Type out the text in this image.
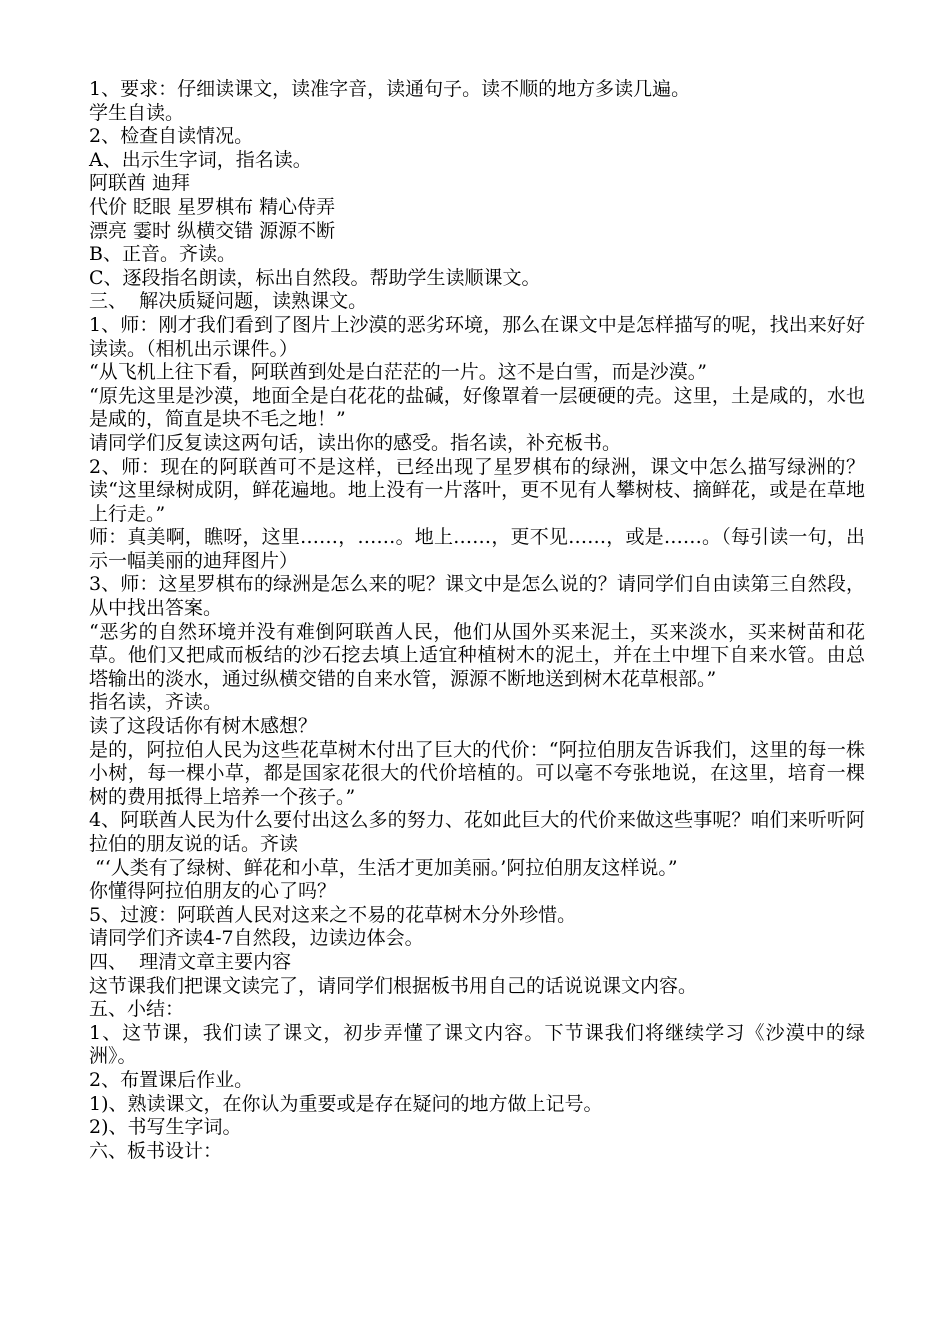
1、要求：仔细读课文，读准字音，读通句子。读不顺的地方多读几遍。

学生自读。

2、检查自读情况。

A、出示生字词，指名读。

阿联酋 迪拜

代价 眨眼 星罗棋布 精心侍弄

漂亮 霎时 纵横交错 源源不断

B、正音。齐读。

C、逐段指名朗读，标出自然段。帮助学生读顺课文。

三、  解决质疑问题，读熟课文。

1、师：刚才我们看到了图片上沙漠的恶劣环境，那么在课文中是怎样描写的呢，找出来好好读读。（相机出示课件。）

“从飞机上往下看，阿联酋到处是白茫茫的一片。这不是白雪，而是沙漠。”

“原先这里是沙漠，地面全是白花花的盐碱，好像罩着一层硬硬的壳。这里，土是咸的，水也是咸的，简直是块不毛之地！”

请同学们反复读这两句话，读出你的感受。指名读，补充板书。

2、师：现在的阿联酋可不是这样，已经出现了星罗棋布的绿洲，课文中怎么描写绿洲的？读“这里绿树成阴，鲜花遍地。地上没有一片落叶，更不见有人攀树枝、摘鲜花，或是在草地上行走。”

师：真美啊，瞧呀，这里……，……。地上……，更不见……，或是……。（每引读一句，出示一幅美丽的迪拜图片）

3、师：这星罗棋布的绿洲是怎么来的呢？课文中是怎么说的？请同学们自由读第三自然段，从中找出答案。

“恶劣的自然环境并没有难倒阿联酋人民，他们从国外买来泥土，买来淡水，买来树苗和花草。他们又把咸而板结的沙石挖去填上适宜种植树木的泥土，并在土中埋下自来水管。由总塔输出的淡水，通过纵横交错的自来水管，源源不断地送到树木花草根部。”

指名读，齐读。

读了这段话你有树木感想？

是的，阿拉伯人民为这些花草树木付出了巨大的代价：“阿拉伯朋友告诉我们，这里的每一株小树，每一棵小草，都是国家花很大的代价培植的。可以毫不夸张地说，在这里，培育一棵树的费用抵得上培养一个孩子。”

4、阿联酋人民为什么要付出这么多的努力、花如此巨大的代价来做这些事呢？咱们来听听阿拉伯的朋友说的话。齐读

“‘人类有了绿树、鲜花和小草，生活才更加美丽。’阿拉伯朋友这样说。”

你懂得阿拉伯朋友的心了吗？

5、过渡：阿联酋人民对这来之不易的花草树木分外珍惜。

请同学们齐读4-7自然段，边读边体会。

四、  理清文章主要内容

这节课我们把课文读完了，请同学们根据板书用自己的话说说课文内容。

五、小结：

1、这节课，我们读了课文，初步弄懂了课文内容。下节课我们将继续学习《沙漠中的绿洲》。

2、布置课后作业。

1)、熟读课文，在你认为重要或是存在疑问的地方做上记号。

2)、书写生字词。

六、板书设计：
